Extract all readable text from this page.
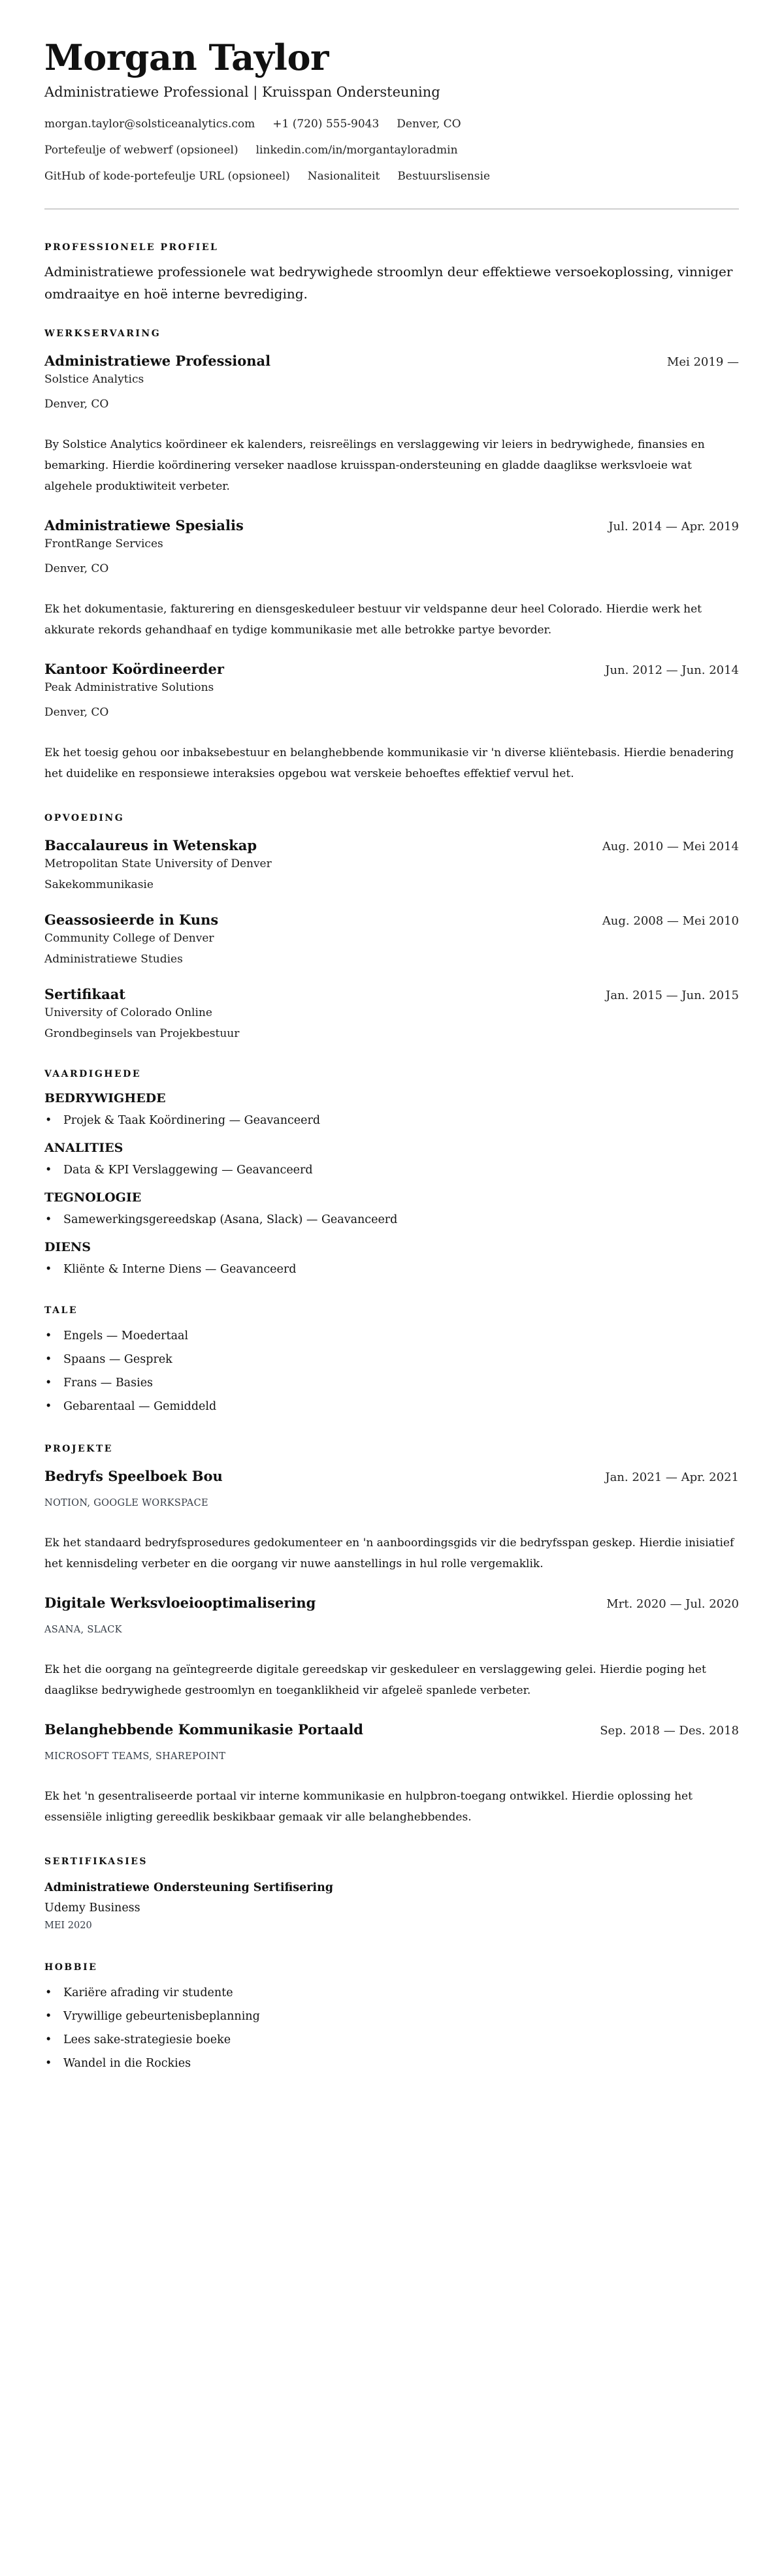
Morgan Taylor
Administratiewe Professional | Kruisspan Ondersteuning
morgan.taylor@solsticeanalytics.com +1 (720) 555-9043 Denver, CO
Portefeulje of webwerf (opsioneel) linkedin.com/in/morgantayloradmin
GitHub of kode-portefeulje URL (opsioneel) Nasionaliteit Bestuurslisensie
PROFESSIONELE PROFIEL

Administratiewe professionele wat bedrywighede stroomlyn deur effektiewe versoekoplossing, vinniger omdraaitye en hoë interne bevrediging.

WERKSERVARING
Administratiewe Professional	Mei 2019 —
Solstice Analytics
Denver, CO
By Solstice Analytics koördineer ek kalenders, reisreëlings en verslaggewing vir leiers in bedrywighede, finansies en bemarking. Hierdie koördinering verseker naadlose kruisspan-ondersteuning en gladde daaglikse werksvloeie wat algehele produktiwiteit verbeter.
Administratiewe Spesialis	Jul. 2014 — Apr. 2019
FrontRange Services
Denver, CO
Ek het dokumentasie, fakturering en diensgeskeduleer bestuur vir veldspanne deur heel Colorado. Hierdie werk het akkurate rekords gehandhaaf en tydige kommunikasie met alle betrokke partye bevorder.
Kantoor Koördineerder	Jun. 2012 — Jun. 2014
Peak Administrative Solutions
Denver, CO
Ek het toesig gehou oor inbaksebestuur en belanghebbende kommunikasie vir 'n diverse kliëntebasis. Hierdie benadering het duidelike en responsiewe interaksies opgebou wat verskeie behoeftes effektief vervul het.
OPVOEDING
Baccalaureus in Wetenskap	Aug. 2010 — Mei 2014
Metropolitan State University of Denver
Sakekommunikasie
Geassosieerde in Kuns	Aug. 2008 — Mei 2010
Community College of Denver
Administratiewe Studies
Sertifikaat	Jan. 2015 — Jun. 2015
University of Colorado Online
Grondbeginsels van Projekbestuur
VAARDIGHEDE
BEDRYWIGHEDE
• Projek & Taak Koördinering — Geavanceerd
ANALITIES
• Data & KPI Verslaggewing — Geavanceerd
TEGNOLOGIE
• Samewerkingsgereedskap (Asana, Slack) — Geavanceerd
DIENS
• Kliënte & Interne Diens — Geavanceerd
TALE
• Engels — Moedertaal
• Spaans — Gesprek
• Frans — Basies
• Gebarentaal — Gemiddeld
PROJEKTE
Bedryfs Speelboek Bou	Jan. 2021 — Apr. 2021
NOTION, GOOGLE WORKSPACE
Ek het standaard bedryfsprosedures gedokumenteer en 'n aanboordingsgids vir die bedryfsspan geskep. Hierdie inisiatief het kennisdeling verbeter en die oorgang vir nuwe aanstellings in hul rolle vergemaklik.
Digitale Werksvloeiooptimalisering	Mrt. 2020 — Jul. 2020
ASANA, SLACK
Ek het die oorgang na geïntegreerde digitale gereedskap vir geskeduleer en verslaggewing gelei. Hierdie poging het daaglikse bedrywighede gestroomlyn en toeganklikheid vir afgeleë spanlede verbeter.
Belanghebbende Kommunikasie Portaald	Sep. 2018 — Des. 2018
MICROSOFT TEAMS, SHAREPOINT
Ek het 'n gesentraliseerde portaal vir interne kommunikasie en hulpbron-toegang ontwikkel. Hierdie oplossing het essensiële inligting gereedlik beskikbaar gemaak vir alle belanghebbendes.
SERTIFIKASIES
Administratiewe Ondersteuning Sertifisering
Udemy Business
MEI 2020
HOBBIE
• Kariëre afrading vir studente
• Vrywillige gebeurtenisbeplanning
• Lees sake-strategiesie boeke
• Wandel in die Rockies
